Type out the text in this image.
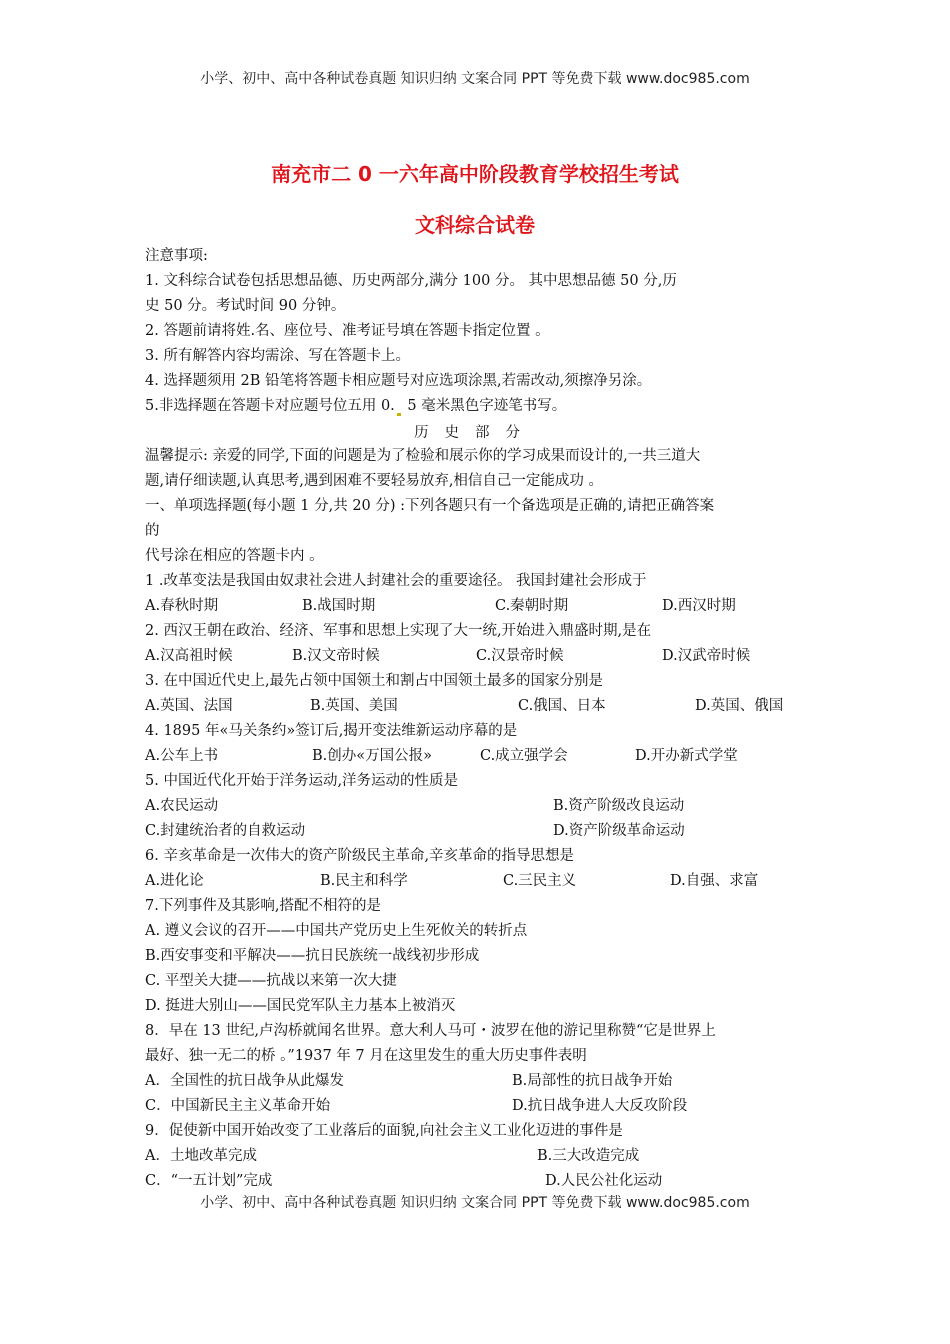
小学、初中、高中各种试卷真题 知识归纳 文案合同 PPT 等免费下载 www.doc985.com
南充市二 0 一六年高中阶段教育学校招生考试
文科综合试卷
注意事项:
1. 文科综合试卷包括思想品德、历史两部分,满分 100 分。 其中思想品德 50 分,历
史 50 分。考试时间 90 分钟。
2. 答题前请将姓.名、座位号、准考证号填在答题卡指定位置 。
3. 所有解答内容均需涂、写在答题卡上。
4. 选择题须用 2B 铅笔将答题卡相应题号对应选项涂黑,若需改动,须擦净另涂。
5.非选择题在答题卡对应题号位五用 0. 5 毫米黑色字迹笔书写。
历史部分
温馨提示: 亲爱的同学,下面的问题是为了检验和展示你的学习成果而设计的,一共三道大
题,请仔细读题,认真思考,遇到困难不要轻易放弃,相信自己一定能成功 。
一、单项选择题(每小题 1 分,共 20 分) :下列各题只有一个备选项是正确的,请把正确答案
的
代号涂在相应的答题卡内 。
1 .改革变法是我国由奴隶社会进人封建社会的重要途径。 我国封建社会形成于
A.春秋时期	B.战国时期	C.秦朝时期	D.西汉时期
2. 西汉王朝在政治、经济、军事和思想上实现了大一统,开始进入鼎盛时期,是在
A.汉高祖时候	B.汉文帝时候	C.汉景帝时候	D.汉武帝时候
3. 在中国近代史上,最先占领中国领土和割占中国领土最多的国家分别是
A.英国、法国	B.英国、美国	C.俄国、日本	D.英国、俄国
4. 1895 年«马关条约»签订后,揭开变法维新运动序幕的是
A.公车上书	B.创办«万国公报»	C.成立强学会	D.开办新式学堂
5. 中国近代化开始于洋务运动,洋务运动的性质是
A.农民运动	B.资产阶级改良运动
C.封建统治者的自救运动	D.资产阶级革命运动
6. 辛亥革命是一次伟大的资产阶级民主革命,辛亥革命的指导思想是
A.进化论	B.民主和科学	C.三民主义	D.自强、求富
7.下列事件及其影响,搭配不相符的是
A. 遵义会议的召开——中国共产党历史上生死攸关的转折点
B.西安事变和平解决——抗日民族统一战线初步形成
C. 平型关大捷——抗战以来第一次大捷
D. 挺进大别山——国民党军队主力基本上被消灭
8．早在 13 世纪,卢沟桥就闻名世界。意大利人马可・波罗在他的游记里称赞“它是世界上
最好、独一无二的桥 。”1937 年 7 月在这里发生的重大历史事件表明
A．全国性的抗日战争从此爆发	B.局部性的抗日战争开始
C．中国新民主主义革命开始	D.抗日战争进人大反攻阶段
9．促使新中国开始改变了工业落后的面貌,向社会主义工业化迈进的事件是
A．土地改革完成	B.三大改造完成
C．“一五计划”完成	D.人民公社化运动
小学、初中、高中各种试卷真题 知识归纳 文案合同 PPT 等免费下载 www.doc985.com
